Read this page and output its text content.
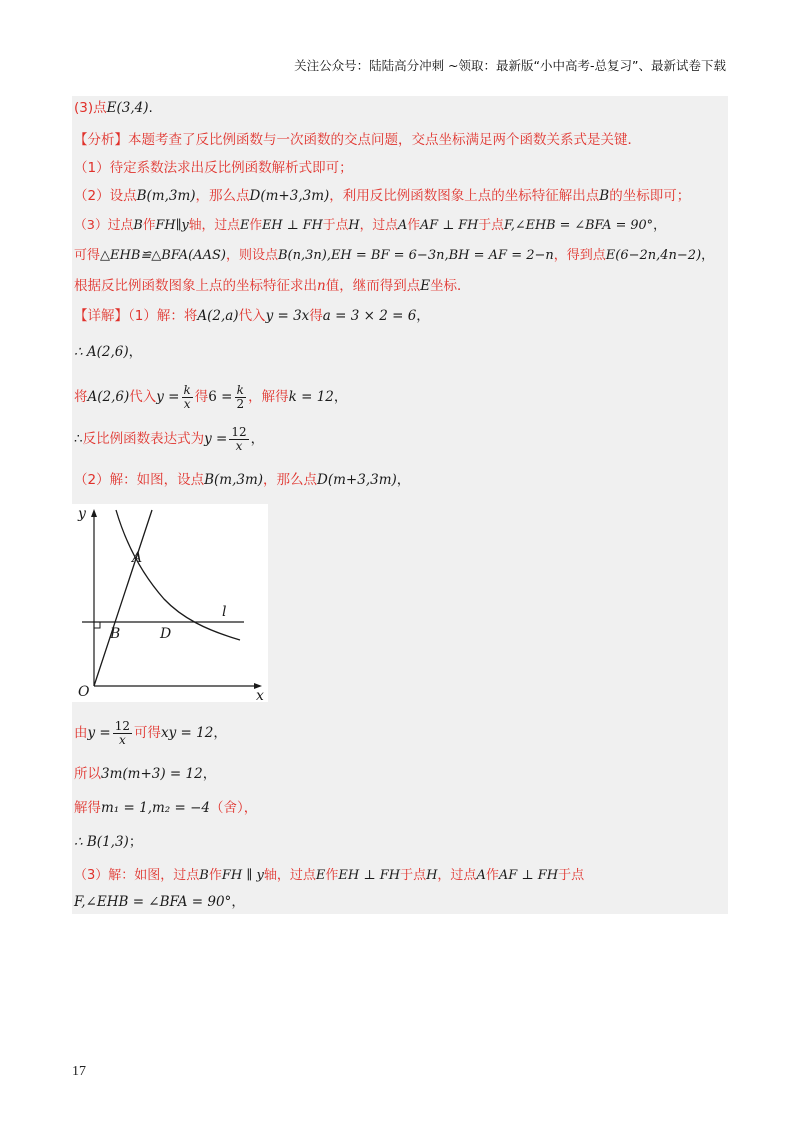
关注公众号：陆陆高分冲刺 ~领取：最新版“小中高考-总复习”、最新试卷下载
(3)点E(3,4).
【分析】本题考查了反比例函数与一次函数的交点问题，交点坐标满足两个函数关系式是关键．
（1）待定系数法求出反比例函数解析式即可；
（2）设点B(m,3m)，那么点D(m+3,3m)，利用反比例函数图象上点的坐标特征解出点B的坐标即可；
（3）过点B作FH∥y轴，过点E作EH ⊥ FH于点H，过点A作AF ⊥ FH于点F,∠EHB = ∠BFA = 90°，
可得△EHB≌△BFA(AAS)，则设点B(n,3n),EH = BF = 6−3n,BH = AF = 2−n，得到点E(6−2n,4n−2)，
根据反比例函数图象上点的坐标特征求出n值，继而得到点E坐标．
【详解】（1）解：将A(2,a)代入y = 3x得a = 3 × 2 = 6，
∴ A(2,6)，
将A(2,6)代入$y = \frac{k}{x}$ 得$6 = \frac{k}{2}$ ，解得k = 12，
∴反比例函数表达式为$y = \frac{12}{x}$ ，
（2）解：如图，设点B(m,3m)，那么点D(m+3,3m)，
由$y = \frac{12}{x}$ 可得xy = 12，
所以3m(m+3) = 12，
解得m₁ = 1,m₂ = −4（舍），
∴ B(1,3)；
（3）解：如图，过点B作FH ∥ y轴，过点E作EH ⊥ FH于点H，过点A作AF ⊥ FH于点
F,∠EHB = ∠BFA = 90°，
y
x
O
A
B	D
l
17
